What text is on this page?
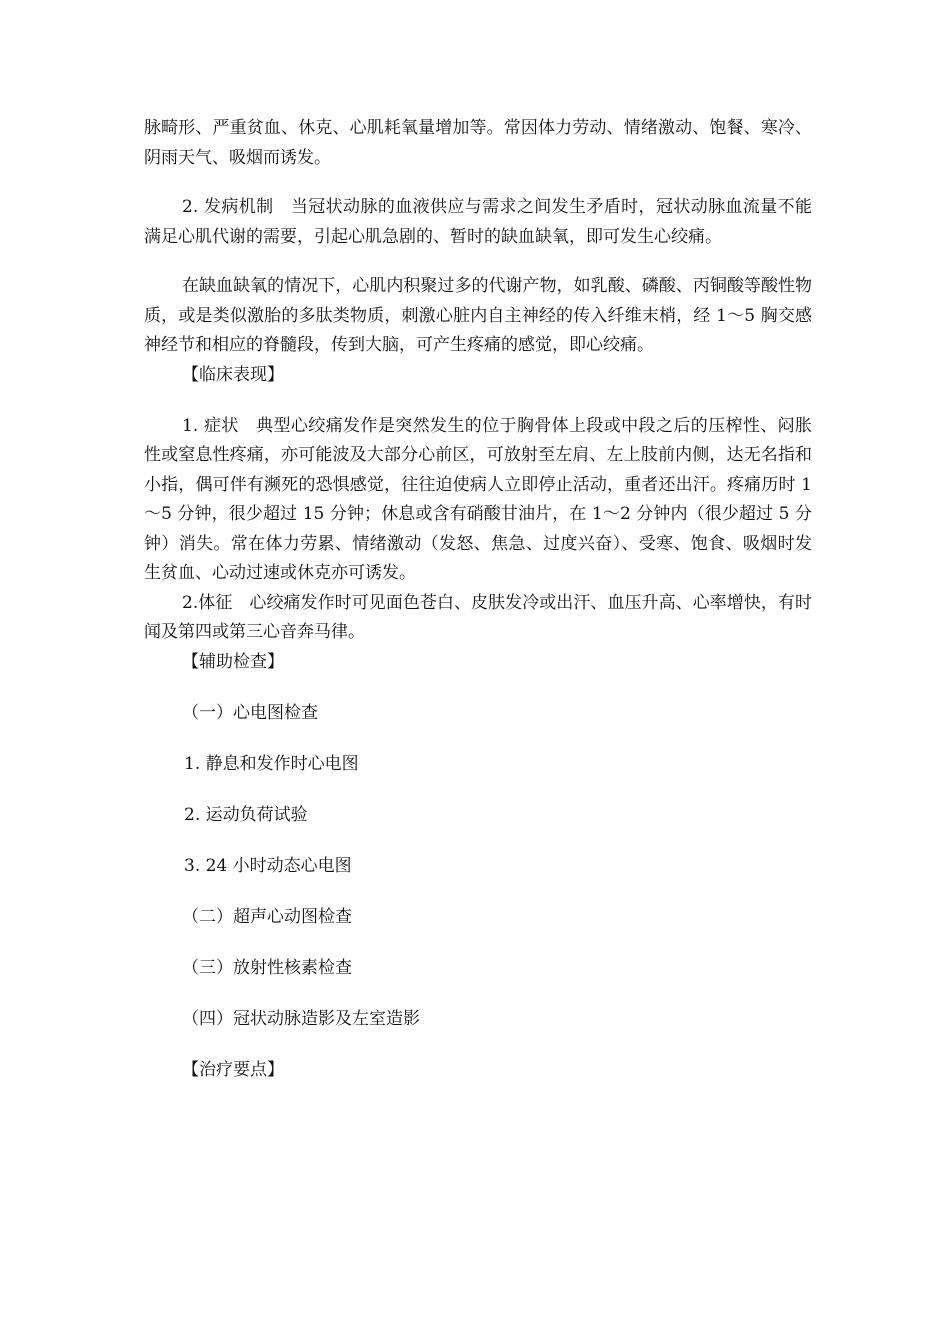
脉畸形、严重贫血、休克、心肌耗氧量增加等。常因体力劳动、情绪激动、饱餐、寒冷、阴雨天气、吸烟而诱发。

2. 发病机制　当冠状动脉的血液供应与需求之间发生矛盾时，冠状动脉血流量不能满足心肌代谢的需要，引起心肌急剧的、暂时的缺血缺氧，即可发生心绞痛。

在缺血缺氧的情况下，心肌内积聚过多的代谢产物，如乳酸、磷酸、丙铜酸等酸性物质，或是类似激胎的多肽类物质，刺激心脏内自主神经的传入纤维末梢，经 1～5 胸交感神经节和相应的脊髓段，传到大脑，可产生疼痛的感觉，即心绞痛。

【临床表现】

1. 症状　典型心绞痛发作是突然发生的位于胸骨体上段或中段之后的压榨性、闷胀性或窒息性疼痛，亦可能波及大部分心前区，可放射至左肩、左上肢前内侧，达无名指和小指，偶可伴有濒死的恐惧感觉，往往迫使病人立即停止活动，重者还出汗。疼痛历时 1～5 分钟，很少超过 15 分钟；休息或含有硝酸甘油片，在 1～2 分钟内（很少超过 5 分钟）消失。常在体力劳累、情绪激动（发怒、焦急、过度兴奋）、受寒、饱食、吸烟时发生贫血、心动过速或休克亦可诱发。

2.体征　心绞痛发作时可见面色苍白、皮肤发冷或出汗、血压升高、心率增快，有时闻及第四或第三心音奔马律。

【辅助检查】

（一）心电图检查

1. 静息和发作时心电图

2. 运动负荷试验

3. 24 小时动态心电图

（二）超声心动图检查

（三）放射性核素检查

（四）冠状动脉造影及左室造影

【治疗要点】
